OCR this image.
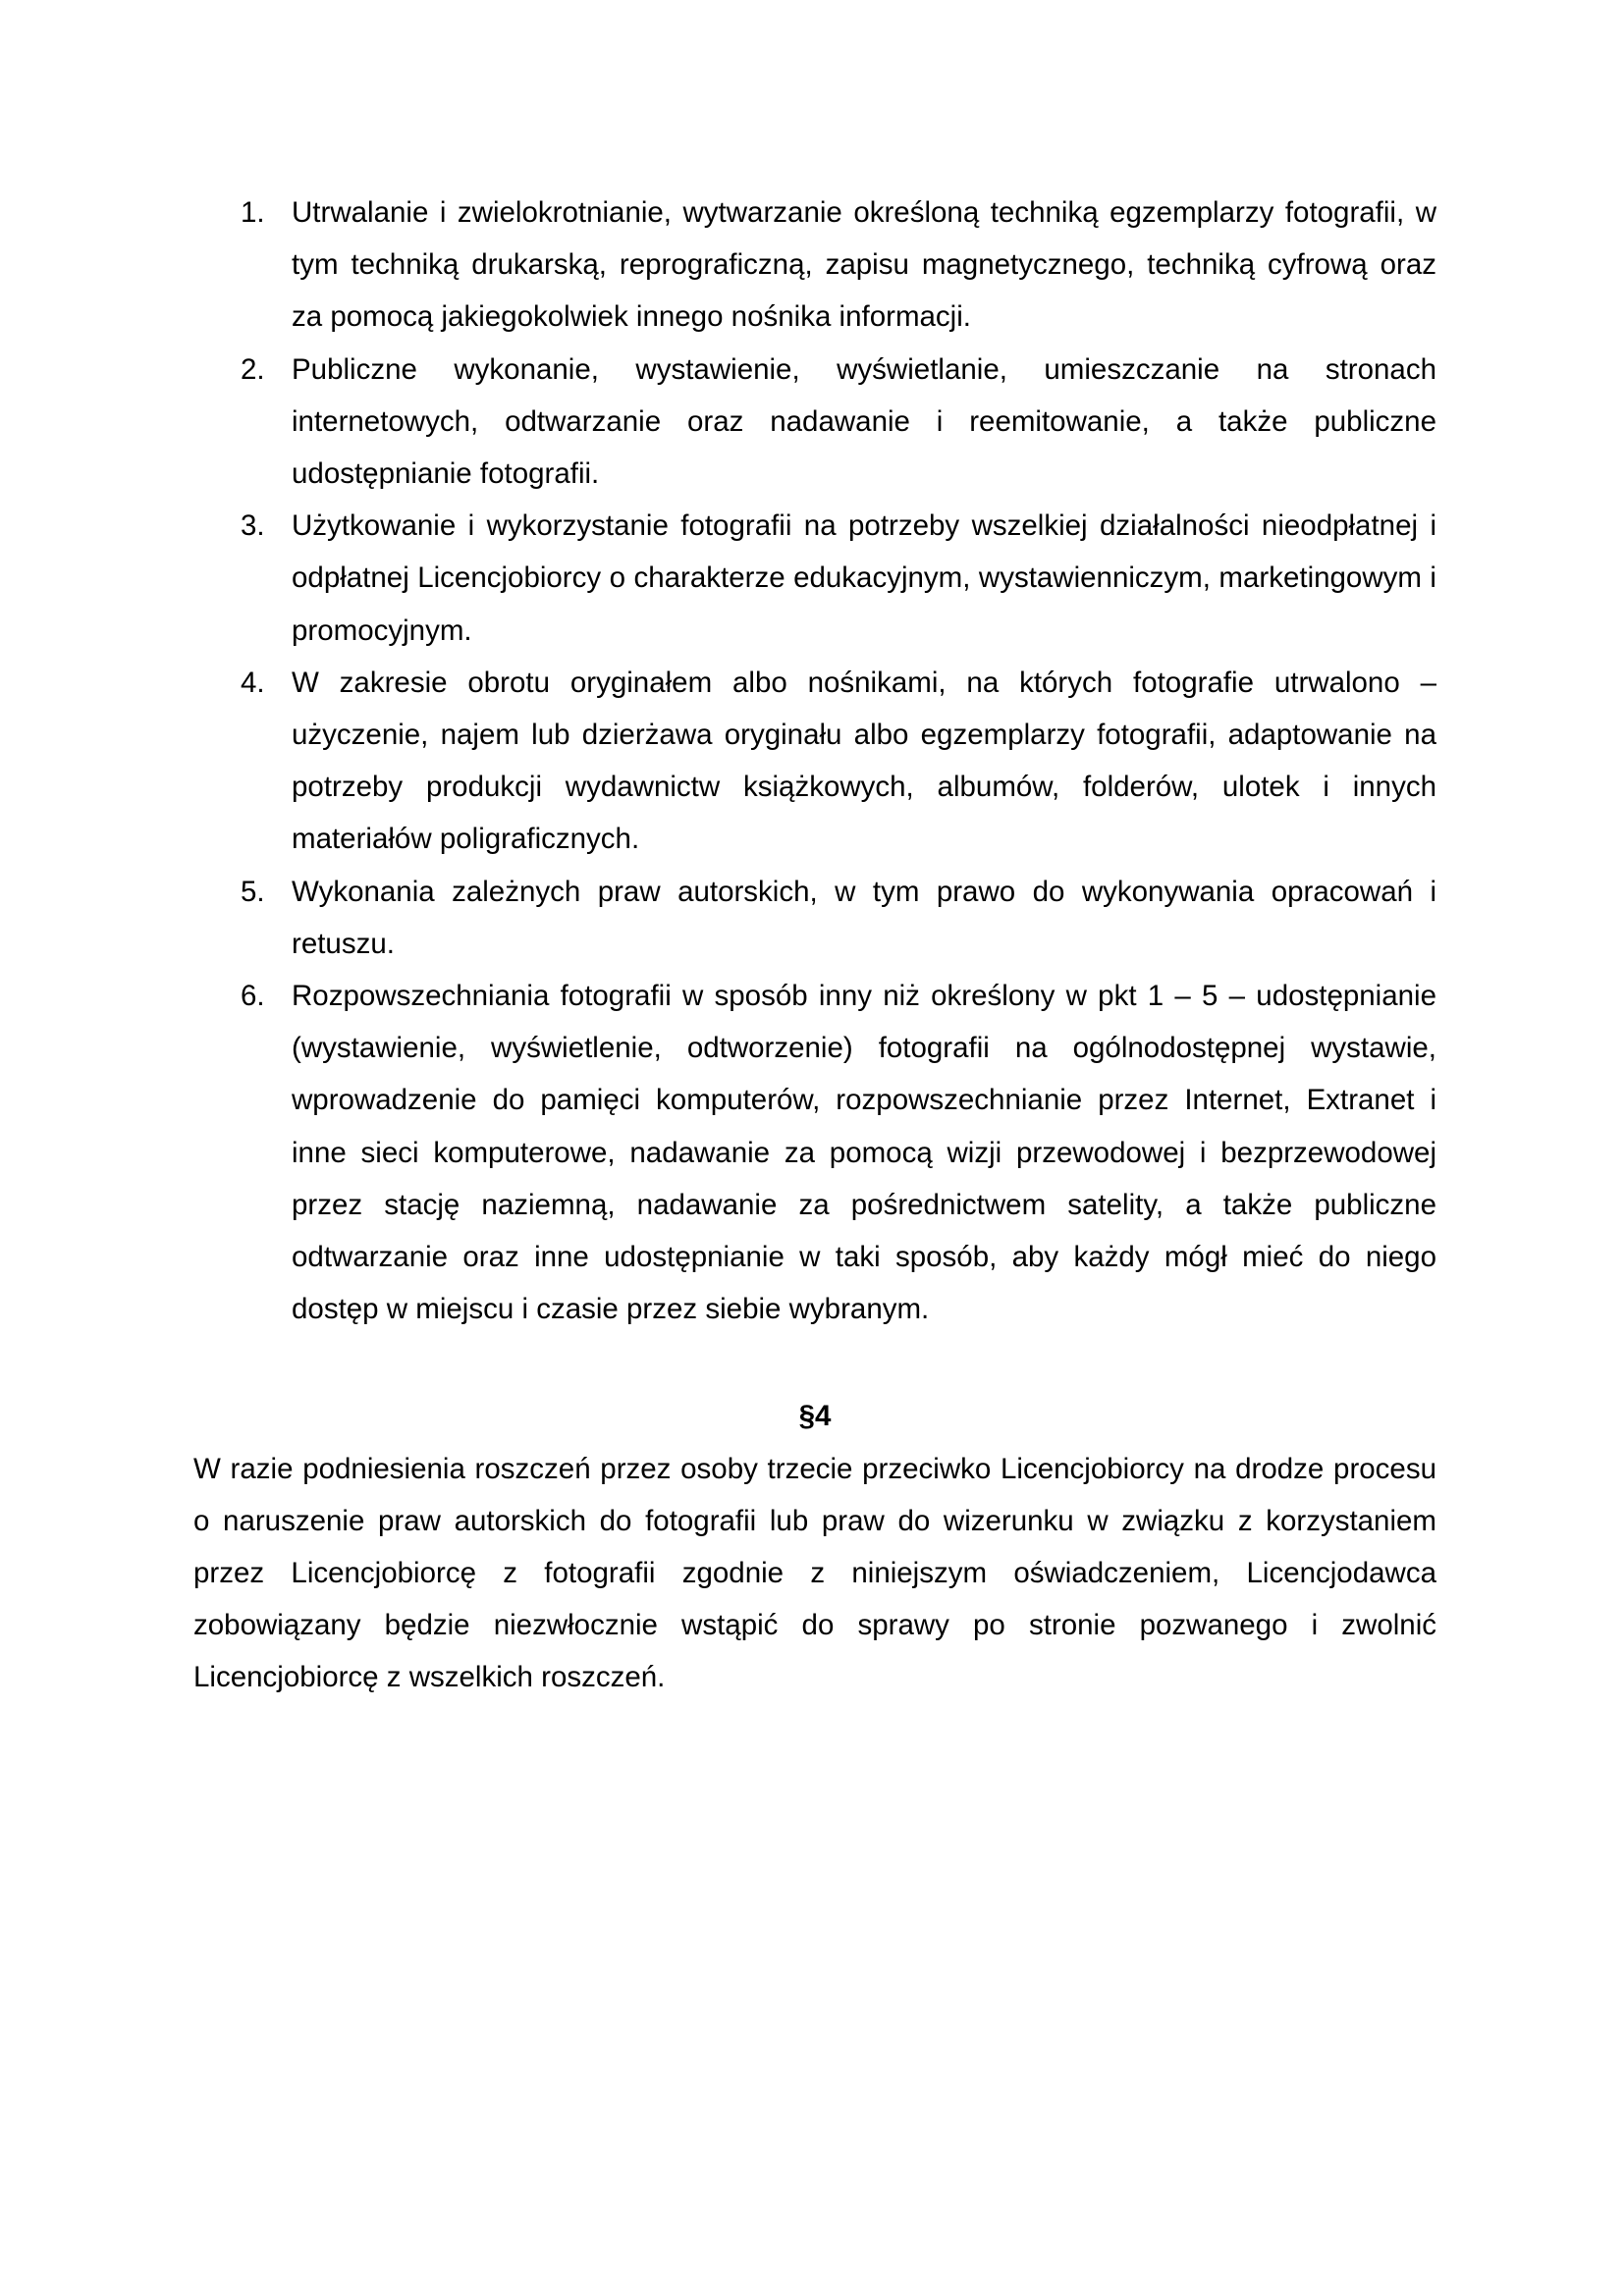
1. Utrwalanie i zwielokrotnianie, wytwarzanie określoną techniką egzemplarzy fotografii, w tym techniką drukarską, reprograficzną, zapisu magnetycznego, techniką cyfrową oraz za pomocą jakiegokolwiek innego nośnika informacji.
2. Publiczne wykonanie, wystawienie, wyświetlanie, umieszczanie na stronach internetowych, odtwarzanie oraz nadawanie i reemitowanie, a także publiczne udostępnianie fotografii.
3. Użytkowanie i wykorzystanie fotografii na potrzeby wszelkiej działalności nieodpłatnej i odpłatnej Licencjobiorcy o charakterze edukacyjnym, wystawienniczym, marketingowym i promocyjnym.
4. W zakresie obrotu oryginałem albo nośnikami, na których fotografie utrwalono – użyczenie, najem lub dzierżawa oryginału albo egzemplarzy fotografii, adaptowanie na potrzeby produkcji wydawnictw książkowych, albumów, folderów, ulotek i innych materiałów poligraficznych.
5. Wykonania zależnych praw autorskich, w tym prawo do wykonywania opracowań i retuszu.
6. Rozpowszechniania fotografii w sposób inny niż określony w pkt 1 – 5 – udostępnianie (wystawienie, wyświetlenie, odtworzenie) fotografii na ogólnodostępnej wystawie, wprowadzenie do pamięci komputerów, rozpowszechnianie przez Internet, Extranet i inne sieci komputerowe, nadawanie za pomocą wizji przewodowej i bezprzewodowej przez stację naziemną, nadawanie za pośrednictwem satelity, a także publiczne odtwarzanie oraz inne udostępnianie w taki sposób, aby każdy mógł mieć do niego dostęp w miejscu i czasie przez siebie wybranym.
§4

W razie podniesienia roszczeń przez osoby trzecie przeciwko Licencjobiorcy na drodze procesu o naruszenie praw autorskich do fotografii lub praw do wizerunku w związku z korzystaniem przez Licencjobiorcę z fotografii zgodnie z niniejszym oświadczeniem, Licencjodawca zobowiązany będzie niezwłocznie wstąpić do sprawy po stronie pozwanego i zwolnić Licencjobiorcę z wszelkich roszczeń.
